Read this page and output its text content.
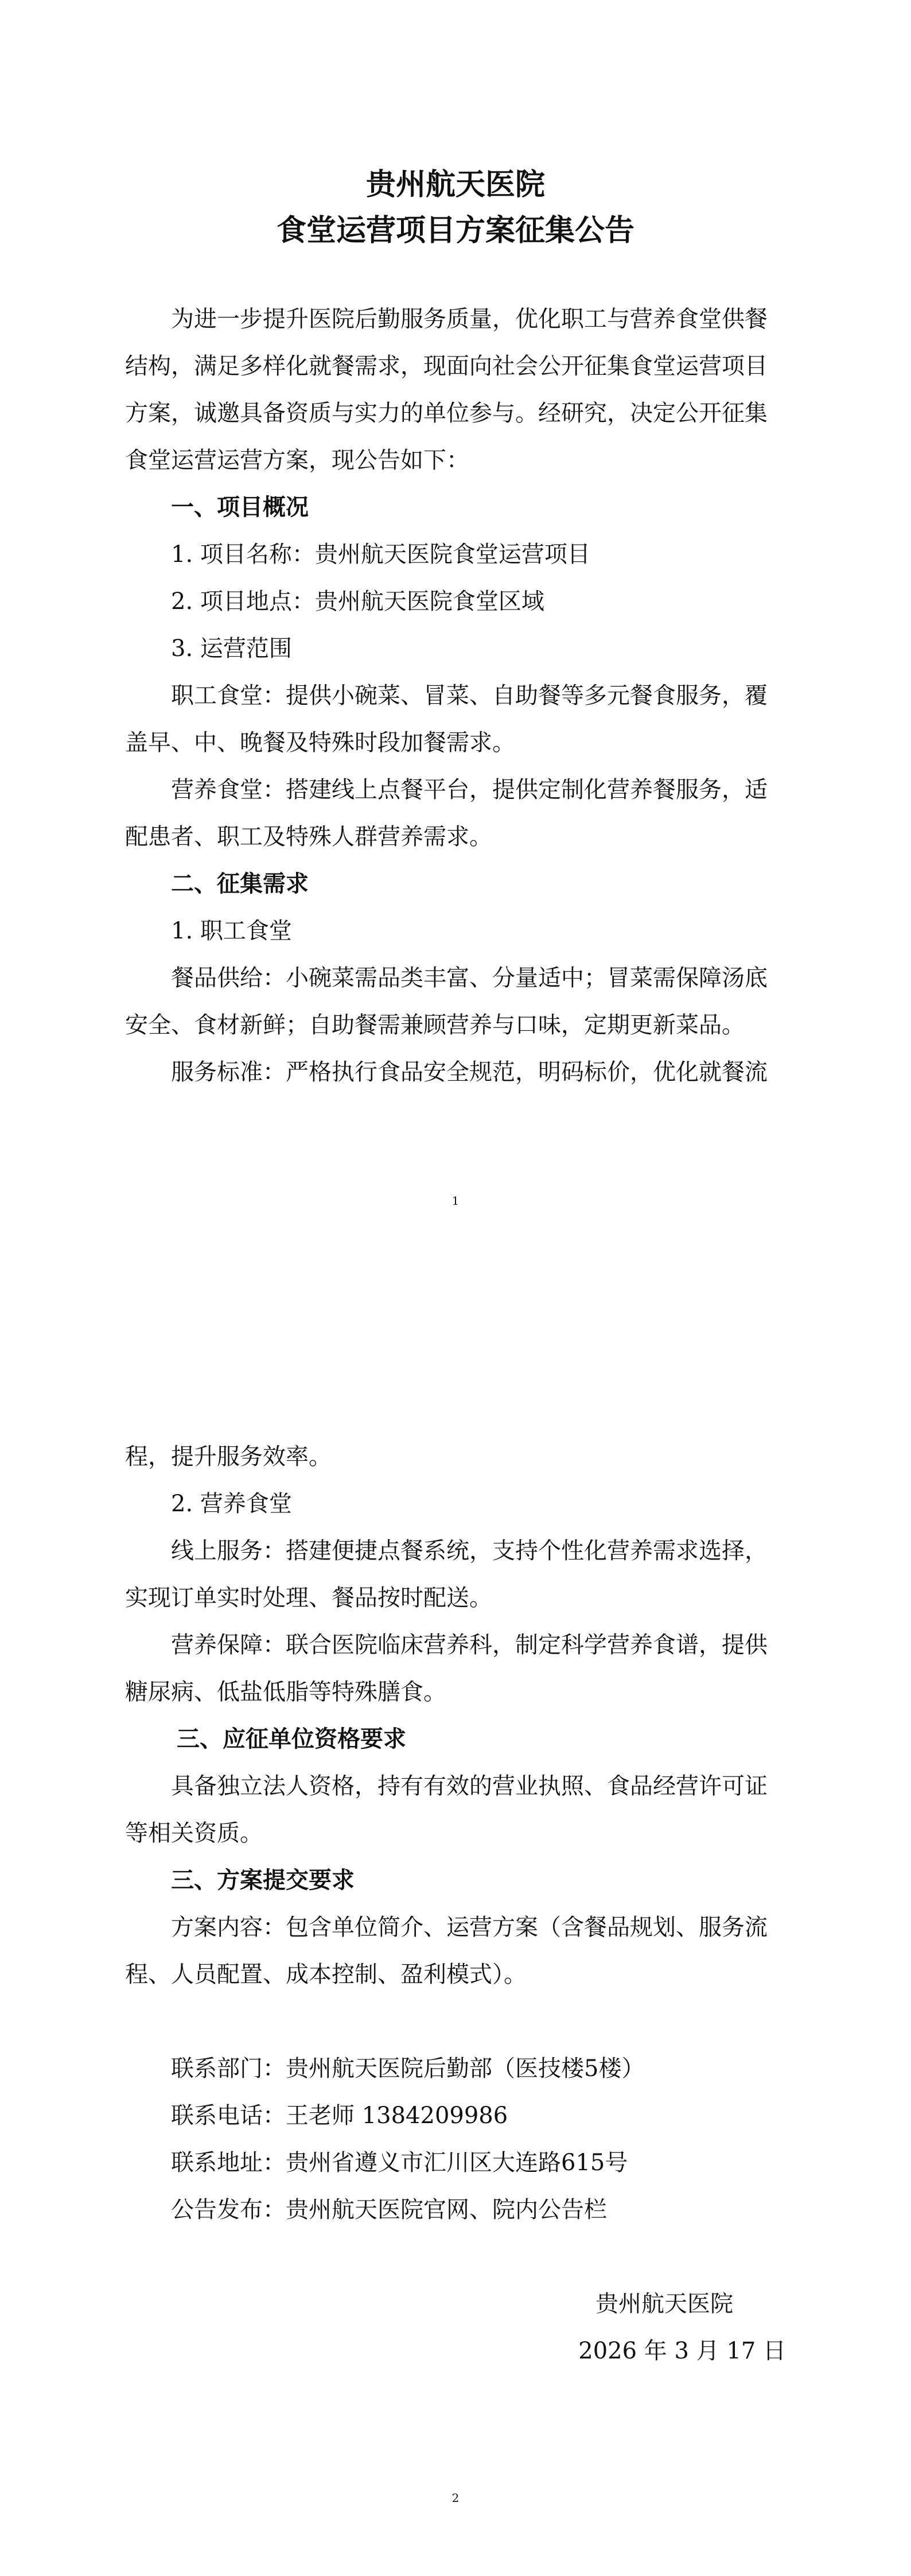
贵州航天医院
食堂运营项目方案征集公告
为进一步提升医院后勤服务质量，优化职工与营养食堂供餐
结构，满足多样化就餐需求，现面向社会公开征集食堂运营项目
方案，诚邀具备资质与实力的单位参与。经研究，决定公开征集
食堂运营运营方案，现公告如下：
一、项目概况
1. 项目名称：贵州航天医院食堂运营项目
2. 项目地点：贵州航天医院食堂区域
3. 运营范围
职工食堂：提供小碗菜、冒菜、自助餐等多元餐食服务，覆
盖早、中、晚餐及特殊时段加餐需求。
营养食堂：搭建线上点餐平台，提供定制化营养餐服务，适
配患者、职工及特殊人群营养需求。
二、征集需求
1. 职工食堂
餐品供给：小碗菜需品类丰富、分量适中；冒菜需保障汤底
安全、食材新鲜；自助餐需兼顾营养与口味，定期更新菜品。
服务标准：严格执行食品安全规范，明码标价，优化就餐流
1
程，提升服务效率。
2. 营养食堂
线上服务：搭建便捷点餐系统，支持个性化营养需求选择，
实现订单实时处理、餐品按时配送。
营养保障：联合医院临床营养科，制定科学营养食谱，提供
糖尿病、低盐低脂等特殊膳食。
三、应征单位资格要求
具备独立法人资格，持有有效的营业执照、食品经营许可证
等相关资质。
三、方案提交要求
方案内容：包含单位简介、运营方案（含餐品规划、服务流
程、人员配置、成本控制、盈利模式）。
联系部门：贵州航天医院后勤部（医技楼5楼）
联系电话：王老师 1384209986
联系地址：贵州省遵义市汇川区大连路615号
公告发布：贵州航天医院官网、院内公告栏
贵州航天医院
2026 年 3 月 17 日
2
